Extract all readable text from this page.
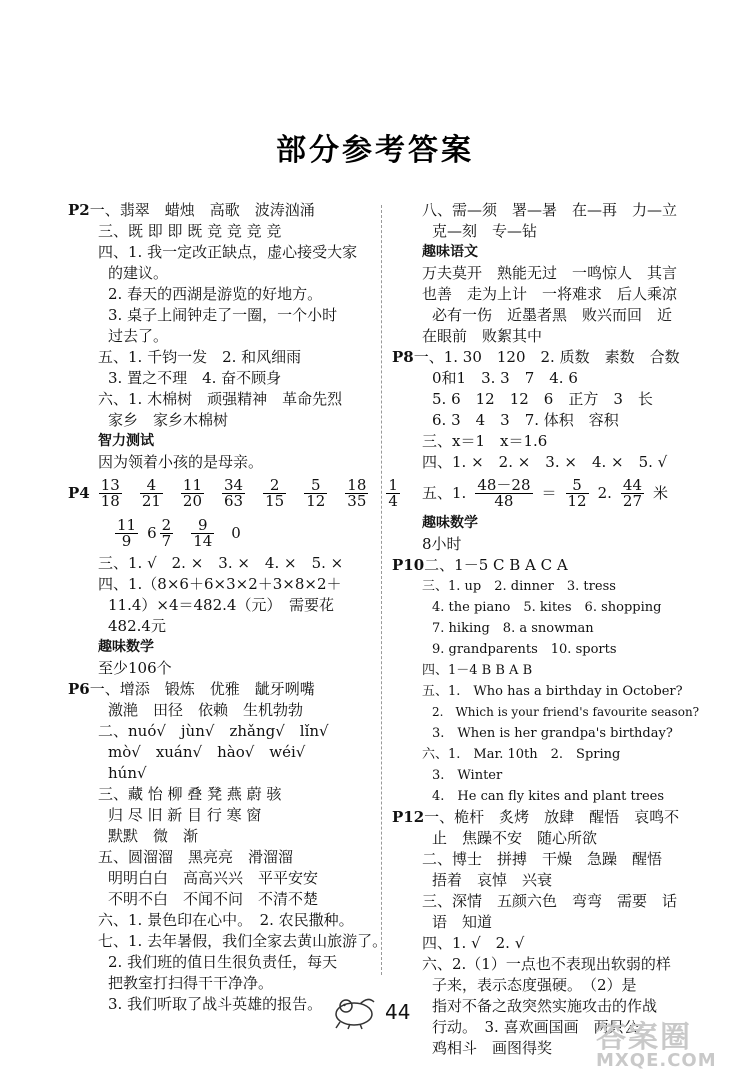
部分参考答案
P2一、翡翠　蜡烛　高歌　波涛汹涌
三、既 即 即 既 竞 竞 竞 竞
四、1. 我一定改正缺点，虚心接受大家
的建议。
2. 春天的西湖是游览的好地方。
3. 桌子上闹钟走了一圈，一个小时
过去了。
五、1. 千钧一发　2. 和风细雨
3. 置之不理　4. 奋不顾身
六、1. 木棉树　顽强精神　革命先烈
家乡　家乡木棉树
智力测试
因为领着小孩的是母亲。
$P4 \frac{13}{18} \frac{4}{21} \frac{11}{20} \frac{34}{63} \frac{2}{15} \frac{5}{12} \frac{18}{35} \frac{1}{4}$
$\frac{11}{9} 6 \frac{2}{7} \frac{9}{14} 0$
三、1. √　2. ×　3. ×　4. ×　5. ×
四、1.（8×6＋6×3×2＋3×8×2＋
11.4）×4＝482.4（元）　需要花
482.4元
趣味数学
至少106个
P6一、增添　锻炼　优雅　龇牙咧嘴
激滟　田径　依赖　生机勃勃
二、nuó√　jùn√　zhǎng√　lǐn√
mò√　xuán√　hào√　wéi√
hún√
三、藏 怡 柳 叠 凳 燕 蔚 骇
归 尽 旧 新 目 行 寒 窗
默默　微　渐
五、圆溜溜　黑亮亮　滑溜溜
明明白白　高高兴兴　平平安安
不明不白　不闻不问　不清不楚
六、1. 景色印在心中。　2. 农民撒种。
七、1. 去年暑假，我们全家去黄山旅游了。
2. 我们班的值日生很负责任，每天
把教室打扫得干干净净。
3. 我们听取了战斗英雄的报告。
八、需—须　署—暑　在—再　力—立
克—刻　专—钻
趣味语文
万夫莫开　熟能无过　一鸣惊人　其言
也善　走为上计　一将难求　后人乘凉
必有一伤　近墨者黑　败兴而回　近
在眼前　败絮其中
P8一、1. 30　120　2. 质数　素数　合数
0和1　3. 3　7　4. 6
5. 6　12　12　6　正方　3　长
6. 3　4　3　7. 体积　容积
三、x＝1　x＝1.6
四、1. ×　2. ×　3. ×　4. ×　5. √
五、1. $\frac{48-28}{48} = \frac{5}{12} 2$. $\frac{44}{27}$ 米
趣味数学
8小时
P10二、1－5 C B A C A
三、1. up　2. dinner　3. tress
4. the piano　5. kites　6. shopping
7. hiking　8. a snowman
9. grandparents　10. sports
四、1－4 B B A B
五、1.　Who has a birthday in October?
2.　Which is your friend's favourite season?
3.　When is her grandpa's birthday?
六、1.　Mar. 10th　2.　Spring
3.　Winter
4.　He can fly kites and plant trees
P12一、桅杆　炙烤　放肆　醒悟　哀鸣不
止　焦躁不安　随心所欲
二、博士　拼搏　干燥　急躁　醒悟
捂着　哀悼　兴衰
三、深情　五颜六色　弯弯　需要　话
语　知道
四、1. √　2. √
六、2.（1）一点也不表现出软弱的样
子来，表示态度强硬。　（2）是
指对不备之敌突然实施攻击的作战
行动。　3. 喜欢画国画　两只公
鸡相斗　画图得奖
44
答案圈
MXQE.COM
